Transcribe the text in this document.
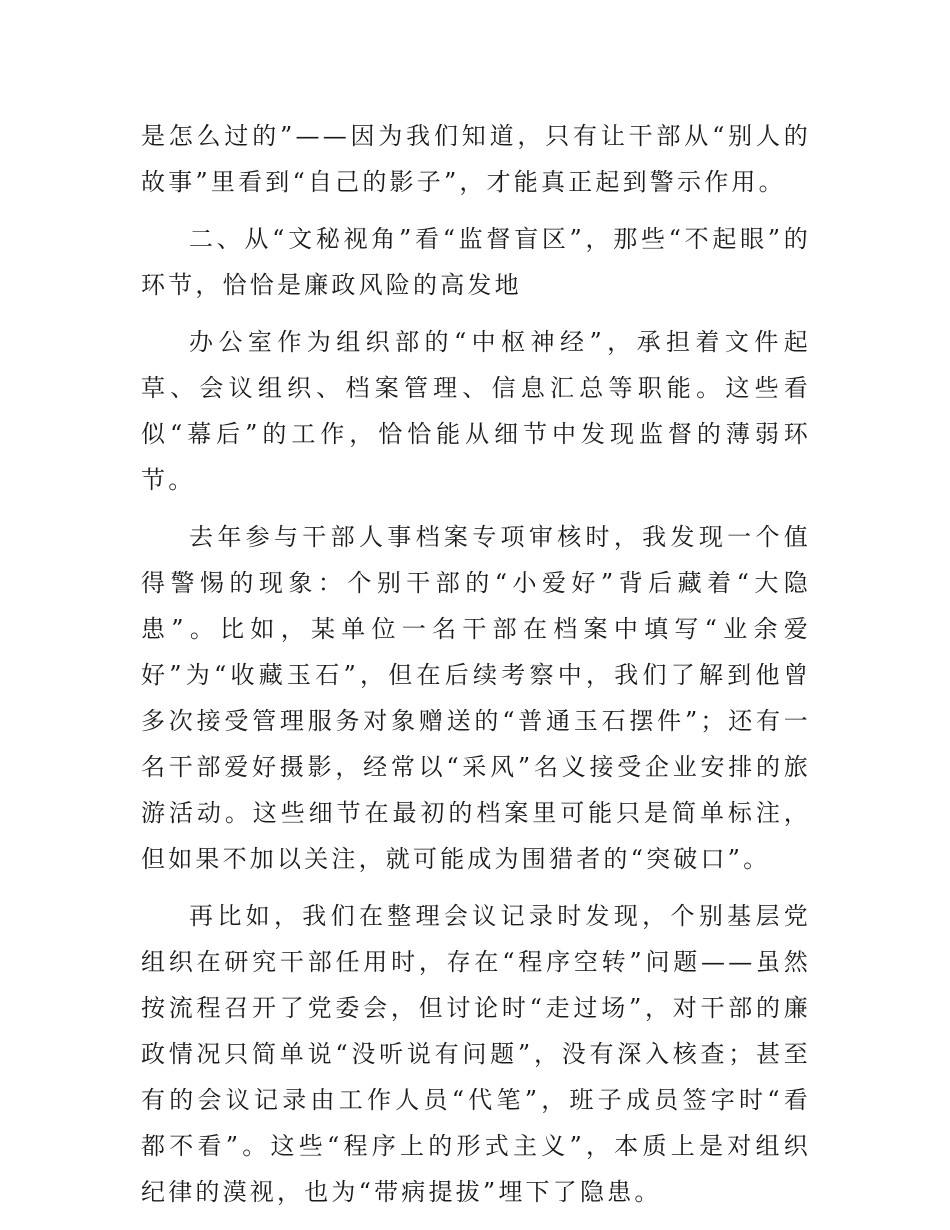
是怎么过的”——因为我们知道，只有让干部从“别人的故事”里看到“自己的影子”，才能真正起到警示作用。

二、从“文秘视角”看“监督盲区”，那些“不起眼”的环节，恰恰是廉政风险的高发地

办公室作为组织部的“中枢神经”，承担着文件起草、会议组织、档案管理、信息汇总等职能。这些看似“幕后”的工作，恰恰能从细节中发现监督的薄弱环节。

去年参与干部人事档案专项审核时，我发现一个值得警惕的现象：个别干部的“小爱好”背后藏着“大隐患”。比如，某单位一名干部在档案中填写“业余爱好”为“收藏玉石”，但在后续考察中，我们了解到他曾多次接受管理服务对象赠送的“普通玉石摆件”；还有一名干部爱好摄影，经常以“采风”名义接受企业安排的旅游活动。这些细节在最初的档案里可能只是简单标注，但如果不加以关注，就可能成为围猎者的“突破口”。

再比如，我们在整理会议记录时发现，个别基层党组织在研究干部任用时，存在“程序空转”问题——虽然按流程召开了党委会，但讨论时“走过场”，对干部的廉政情况只简单说“没听说有问题”，没有深入核查；甚至有的会议记录由工作人员“代笔”，班子成员签字时“看都不看”。这些“程序上的形式主义”，本质上是对组织纪律的漠视，也为“带病提拔”埋下了隐患。
